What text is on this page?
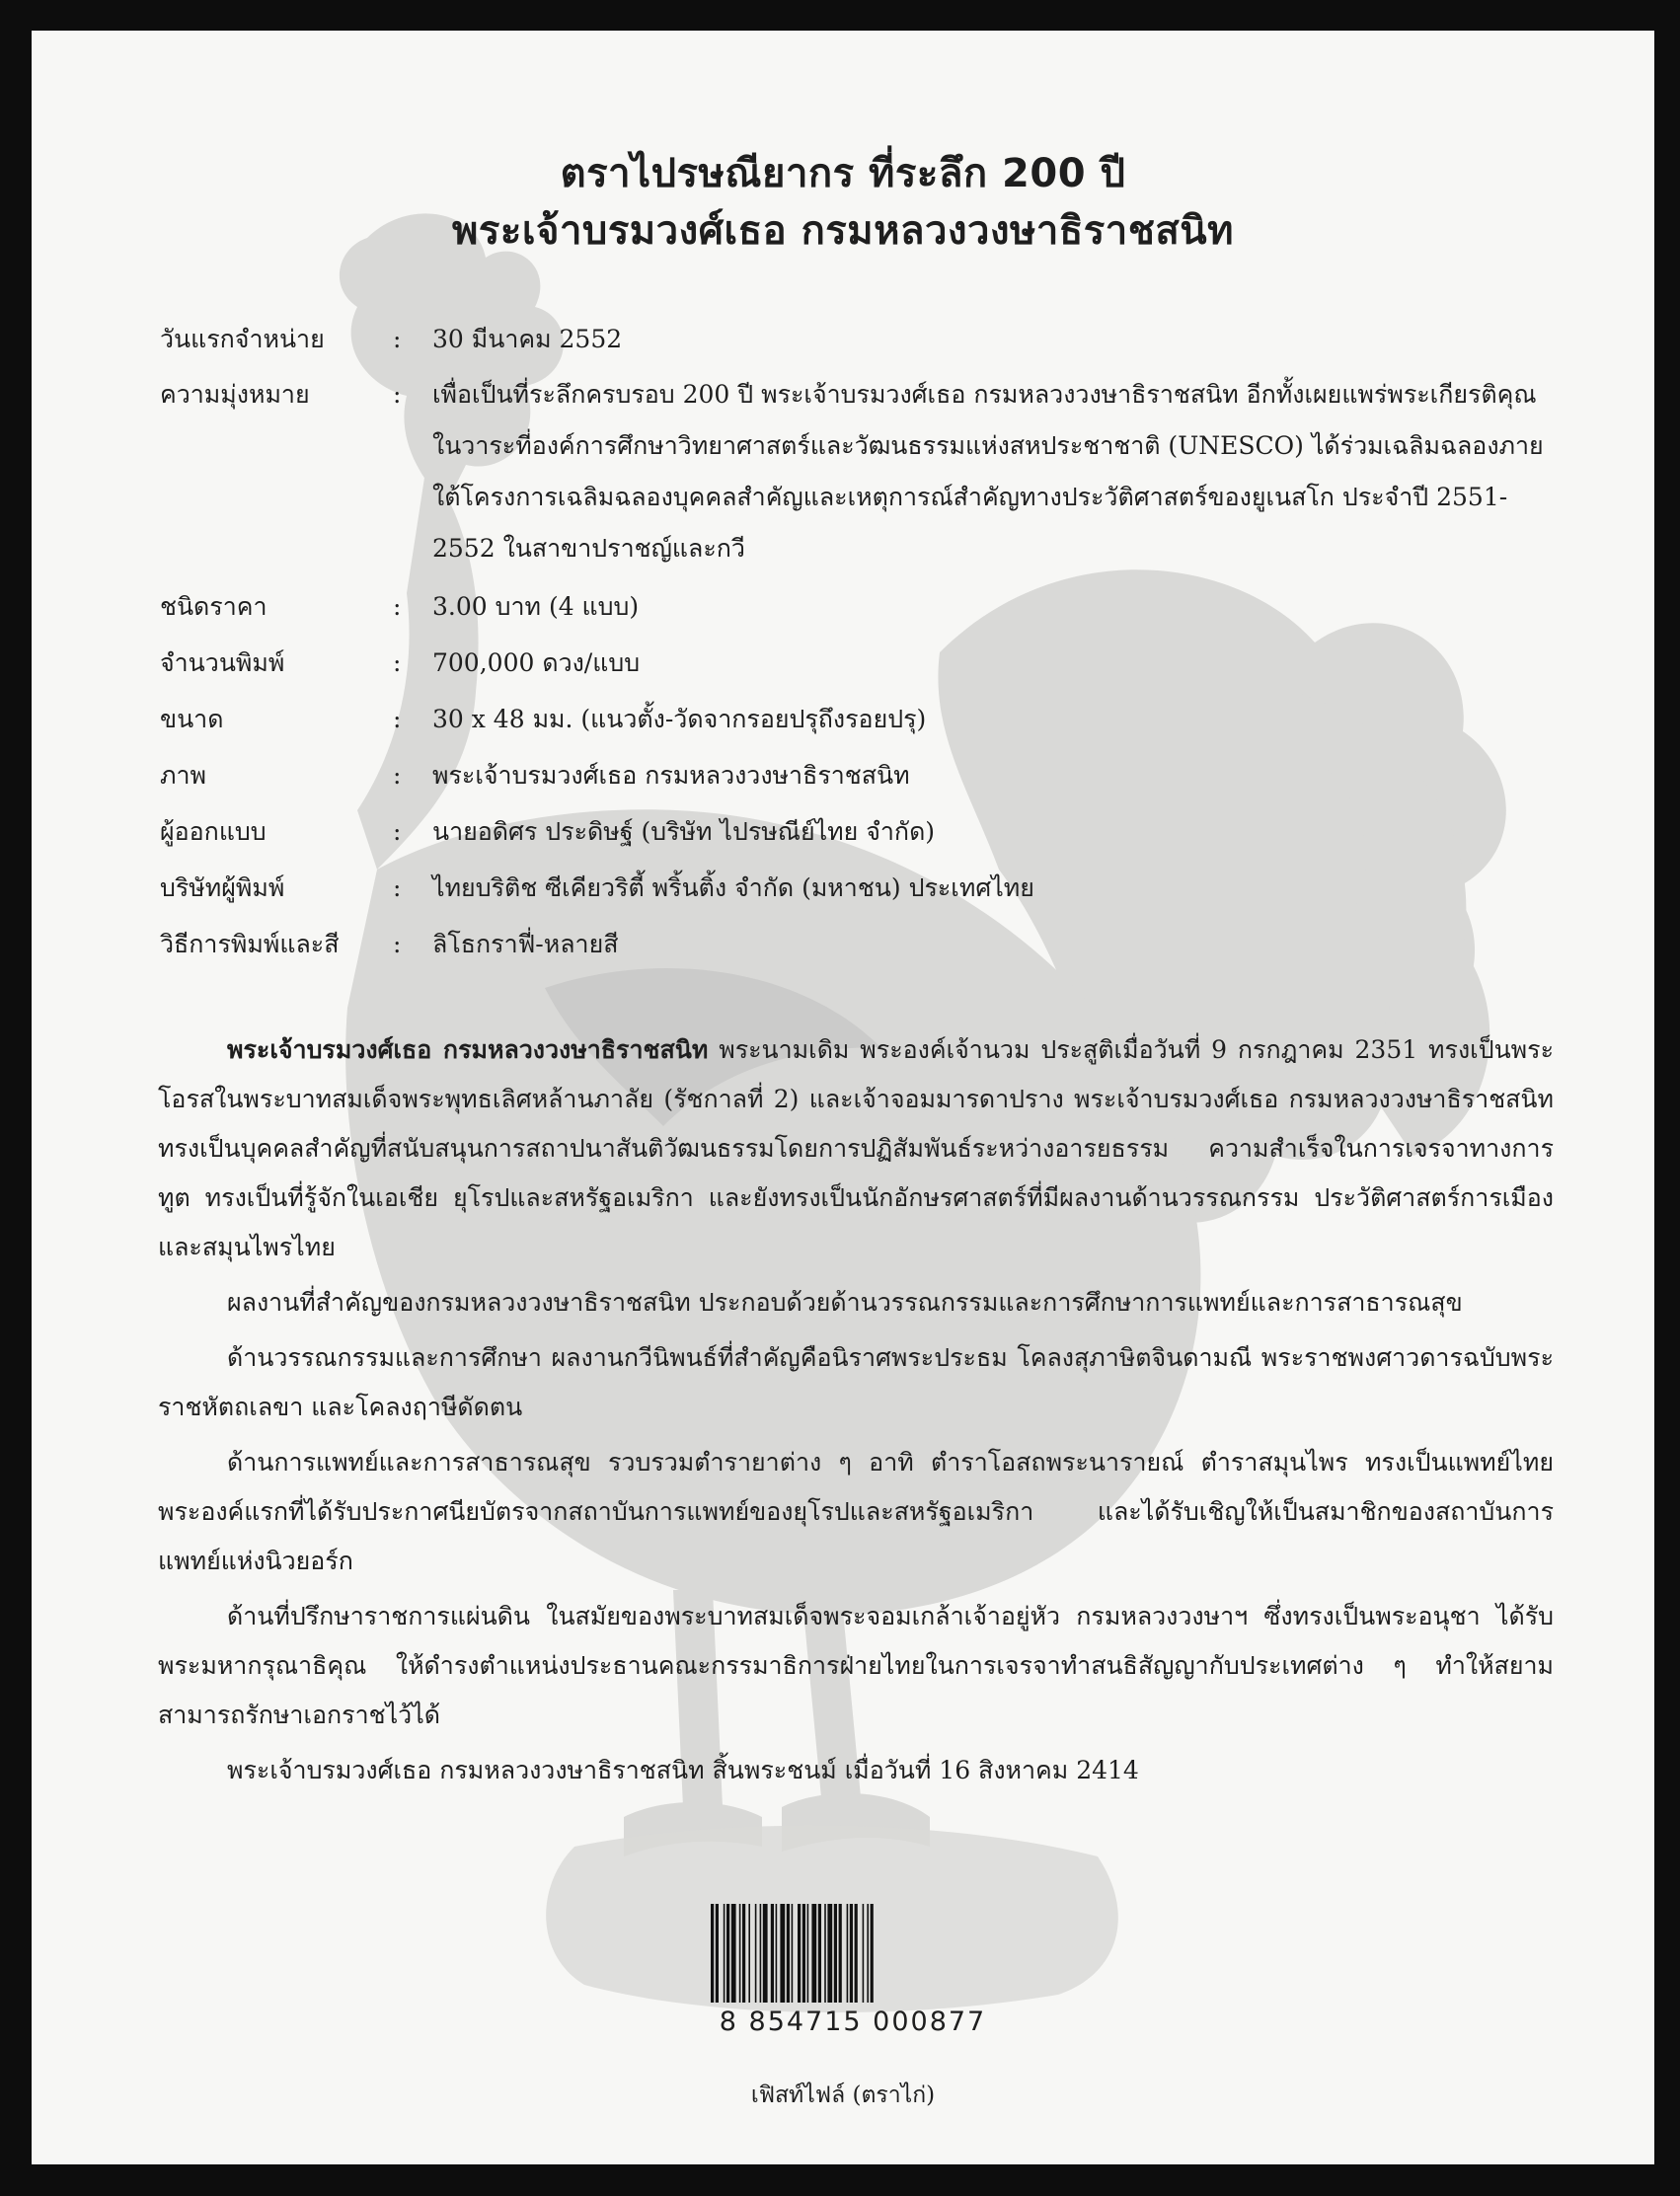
ตราไปรษณียากร ที่ระลึก 200 ปี
พระเจ้าบรมวงศ์เธอ กรมหลวงวงษาธิราชสนิท
วันแรกจำหน่าย	:	30 มีนาคม 2552
ความมุ่งหมาย	:	เพื่อเป็นที่ระลึกครบรอบ 200 ปี พระเจ้าบรมวงศ์เธอ กรมหลวงวงษาธิราชสนิท อีกทั้งเผยแพร่พระเกียรติคุณในวาระที่องค์การศึกษาวิทยาศาสตร์และวัฒนธรรมแห่งสหประชาชาติ (UNESCO) ได้ร่วมเฉลิมฉลองภายใต้โครงการเฉลิมฉลองบุคคลสำคัญและเหตุการณ์สำคัญทางประวัติศาสตร์ของยูเนสโก ประจำปี 2551-2552 ในสาขาปราชญ์และกวี
ชนิดราคา	:	3.00 บาท (4 แบบ)
จำนวนพิมพ์	:	700,000 ดวง/แบบ
ขนาด	:	30 x 48 มม. (แนวตั้ง-วัดจากรอยปรุถึงรอยปรุ)
ภาพ	:	พระเจ้าบรมวงศ์เธอ กรมหลวงวงษาธิราชสนิท
ผู้ออกแบบ	:	นายอดิศร ประดิษฐ์ (บริษัท ไปรษณีย์ไทย จำกัด)
บริษัทผู้พิมพ์	:	ไทยบริติช ซีเคียวริตี้ พริ้นติ้ง จำกัด (มหาชน) ประเทศไทย
วิธีการพิมพ์และสี	:	ลิโธกราฟี่-หลายสี

พระเจ้าบรมวงศ์เธอ กรมหลวงวงษาธิราชสนิท พระนามเดิม พระองค์เจ้านวม ประสูติเมื่อวันที่ 9 กรกฎาคม 2351 ทรงเป็นพระโอรสในพระบาทสมเด็จพระพุทธเลิศหล้านภาลัย (รัชกาลที่ 2) และเจ้าจอมมารดาปราง พระเจ้าบรมวงศ์เธอ กรมหลวงวงษาธิราชสนิททรงเป็นบุคคลสำคัญที่สนับสนุนการสถาปนาสันติวัฒนธรรมโดยการปฏิสัมพันธ์ระหว่างอารยธรรม ความสำเร็จในการเจรจาทางการทูต ทรงเป็นที่รู้จักในเอเชีย ยุโรปและสหรัฐอเมริกา และยังทรงเป็นนักอักษรศาสตร์ที่มีผลงานด้านวรรณกรรม ประวัติศาสตร์การเมือง และสมุนไพรไทย

ผลงานที่สำคัญของกรมหลวงวงษาธิราชสนิท ประกอบด้วยด้านวรรณกรรมและการศึกษาการแพทย์และการสาธารณสุข

ด้านวรรณกรรมและการศึกษา ผลงานกวีนิพนธ์ที่สำคัญคือนิราศพระประธม โคลงสุภาษิตจินดามณี พระราชพงศาวดารฉบับพระราชหัตถเลขา และโคลงฤาษีดัดตน

ด้านการแพทย์และการสาธารณสุข รวบรวมตำรายาต่าง ๆ อาทิ ตำราโอสถพระนารายณ์ ตำราสมุนไพร ทรงเป็นแพทย์ไทยพระองค์แรกที่ได้รับประกาศนียบัตรจากสถาบันการแพทย์ของยุโรปและสหรัฐอเมริกา และได้รับเชิญให้เป็นสมาชิกของสถาบันการแพทย์แห่งนิวยอร์ก

ด้านที่ปรึกษาราชการแผ่นดิน ในสมัยของพระบาทสมเด็จพระจอมเกล้าเจ้าอยู่หัว กรมหลวงวงษาฯ ซึ่งทรงเป็นพระอนุชา ได้รับพระมหากรุณาธิคุณ ให้ดำรงตำแหน่งประธานคณะกรรมาธิการฝ่ายไทยในการเจรจาทำสนธิสัญญากับประเทศต่าง ๆ ทำให้สยามสามารถรักษาเอกราชไว้ได้

พระเจ้าบรมวงศ์เธอ กรมหลวงวงษาธิราชสนิท สิ้นพระชนม์ เมื่อวันที่ 16 สิงหาคม 2414

8 854715 000877
เฟิสท์ไฟล์ (ตราไก่)
